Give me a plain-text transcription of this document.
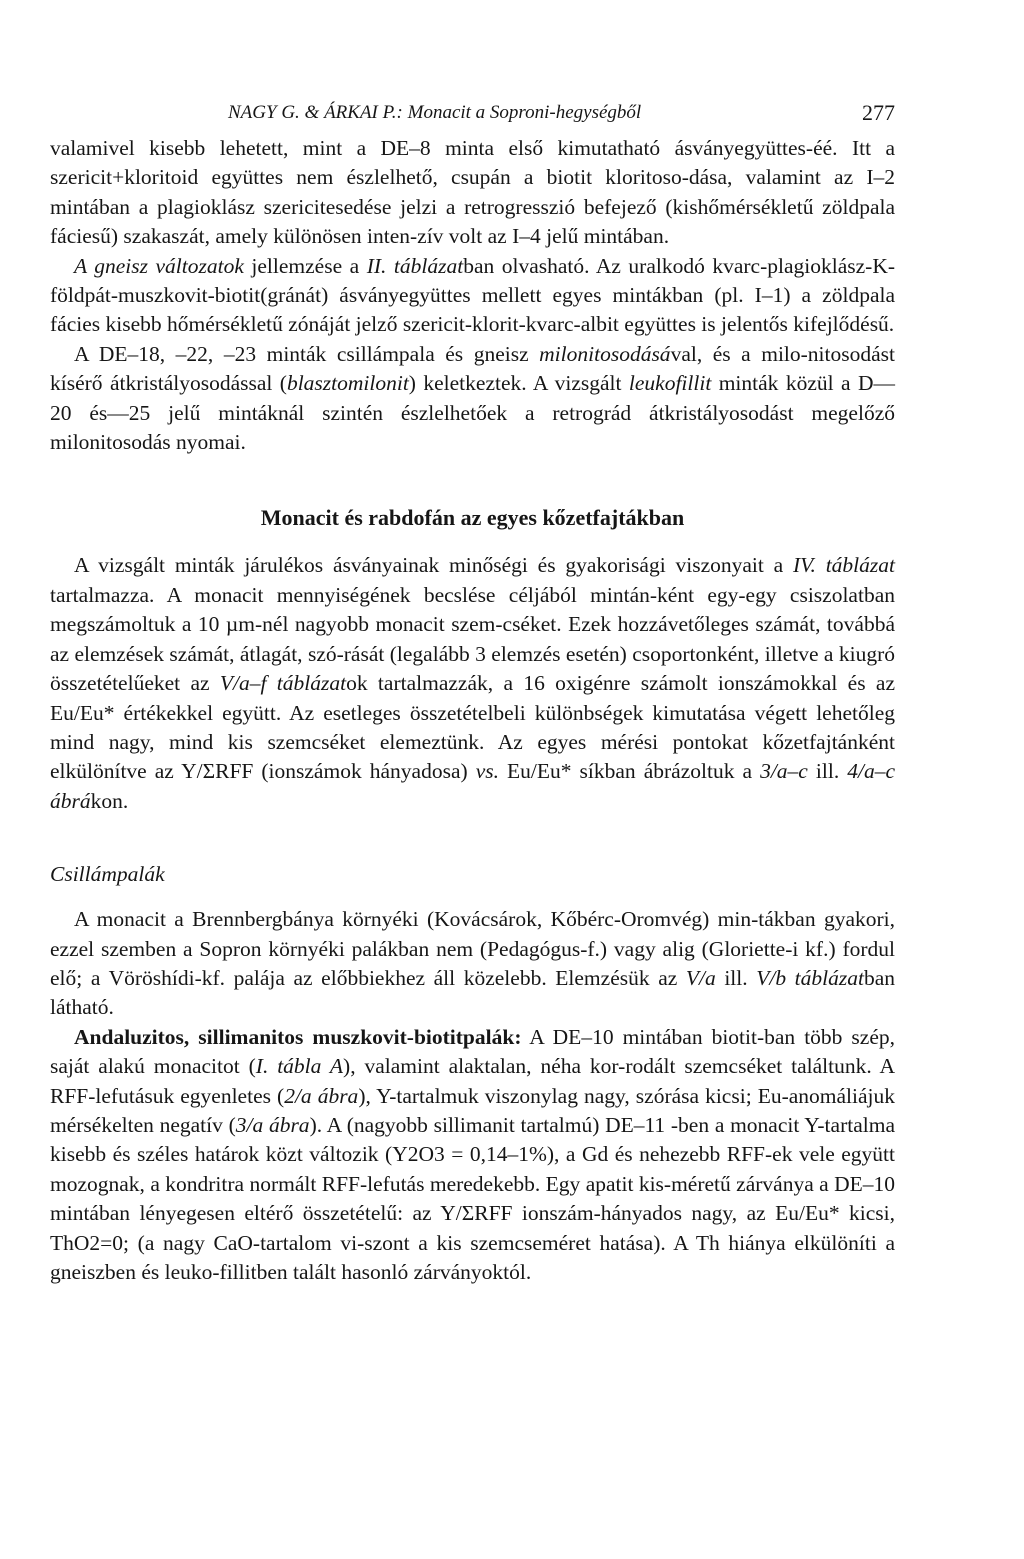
NAGY G. & ÁRKAI P.: Monacit a Soproni-hegységből	277

valamivel kisebb lehetett, mint a DE–8 minta első kimutatható ásványegyüttes-éé. Itt a szericit+kloritoid együttes nem észlelhető, csupán a biotit kloritoso-dása, valamint az I–2 mintában a plagioklász szericitesedése jelzi a retrogresszió befejező (kishőmérsékletű zöldpala fáciesű) szakaszát, amely különösen inten-zív volt az I–4 jelű mintában.

A gneisz változatok jellemzése a II. táblázatban olvasható. Az uralkodó kvarc-plagioklász-K-földpát-muszkovit-biotit(gránát) ásványegyüttes mellett egyes mintákban (pl. I–1) a zöldpala fácies kisebb hőmérsékletű zónáját jelző szericit-klorit-kvarc-albit együttes is jelentős kifejlődésű.

A DE–18, –22, –23 minták csillámpala és gneisz milonitosodásával, és a milo-nitosodást kísérő átkristályosodással (blasztomilonit) keletkeztek. A vizsgált leukofillit minták közül a D—20 és—25 jelű mintáknál szintén észlelhetőek a retrográd átkristályosodást megelőző milonitosodás nyomai.

Monacit és rabdofán az egyes kőzetfajtákban

A vizsgált minták járulékos ásványainak minőségi és gyakorisági viszonyait a IV. táblázat tartalmazza. A monacit mennyiségének becslése céljából mintán-ként egy-egy csiszolatban megszámoltuk a 10 µm-nél nagyobb monacit szem-cséket. Ezek hozzávetőleges számát, továbbá az elemzések számát, átlagát, szó-rását (legalább 3 elemzés esetén) csoportonként, illetve a kiugró összetételűeket az V/a–f táblázatok tartalmazzák, a 16 oxigénre számolt ionszámokkal és az Eu/Eu* értékekkel együtt. Az esetleges összetételbeli különbségek kimutatása végett lehetőleg mind nagy, mind kis szemcséket elemeztünk. Az egyes mérési pontokat kőzetfajtánként elkülönítve az Y/ΣRFF (ionszámok hányadosa) vs. Eu/Eu* síkban ábrázoltuk a 3/a–c ill. 4/a–c ábrákon.

Csillámpalák

A monacit a Brennbergbánya környéki (Kovácsárok, Kőbérc-Oromvég) min-tákban gyakori, ezzel szemben a Sopron környéki palákban nem (Pedagógus-f.) vagy alig (Gloriette-i kf.) fordul elő; a Vöröshídi-kf. palája az előbbiekhez áll közelebb. Elemzésük az V/a ill. V/b táblázatban látható.

Andaluzitos, sillimanitos muszkovit-biotitpalák: A DE–10 mintában biotit-ban több szép, saját alakú monacitot (I. tábla A), valamint alaktalan, néha kor-rodált szemcséket találtunk. A RFF-lefutásuk egyenletes (2/a ábra), Y-tartalmuk viszonylag nagy, szórása kicsi; Eu-anomáliájuk mérsékelten negatív (3/a ábra). A (nagyobb sillimanit tartalmú) DE–11 -ben a monacit Y-tartalma kisebb és széles határok közt változik (Y2O3 = 0,14–1%), a Gd és nehezebb RFF-ek vele együtt mozognak, a kondritra normált RFF-lefutás meredekebb. Egy apatit kis-méretű zárványa a DE–10 mintában lényegesen eltérő összetételű: az Y/ΣRFF ionszám-hányados nagy, az Eu/Eu* kicsi, ThO2=0; (a nagy CaO-tartalom vi-szont a kis szemcseméret hatása). A Th hiánya elkülöníti a gneiszben és leuko-fillitben talált hasonló zárványoktól.
